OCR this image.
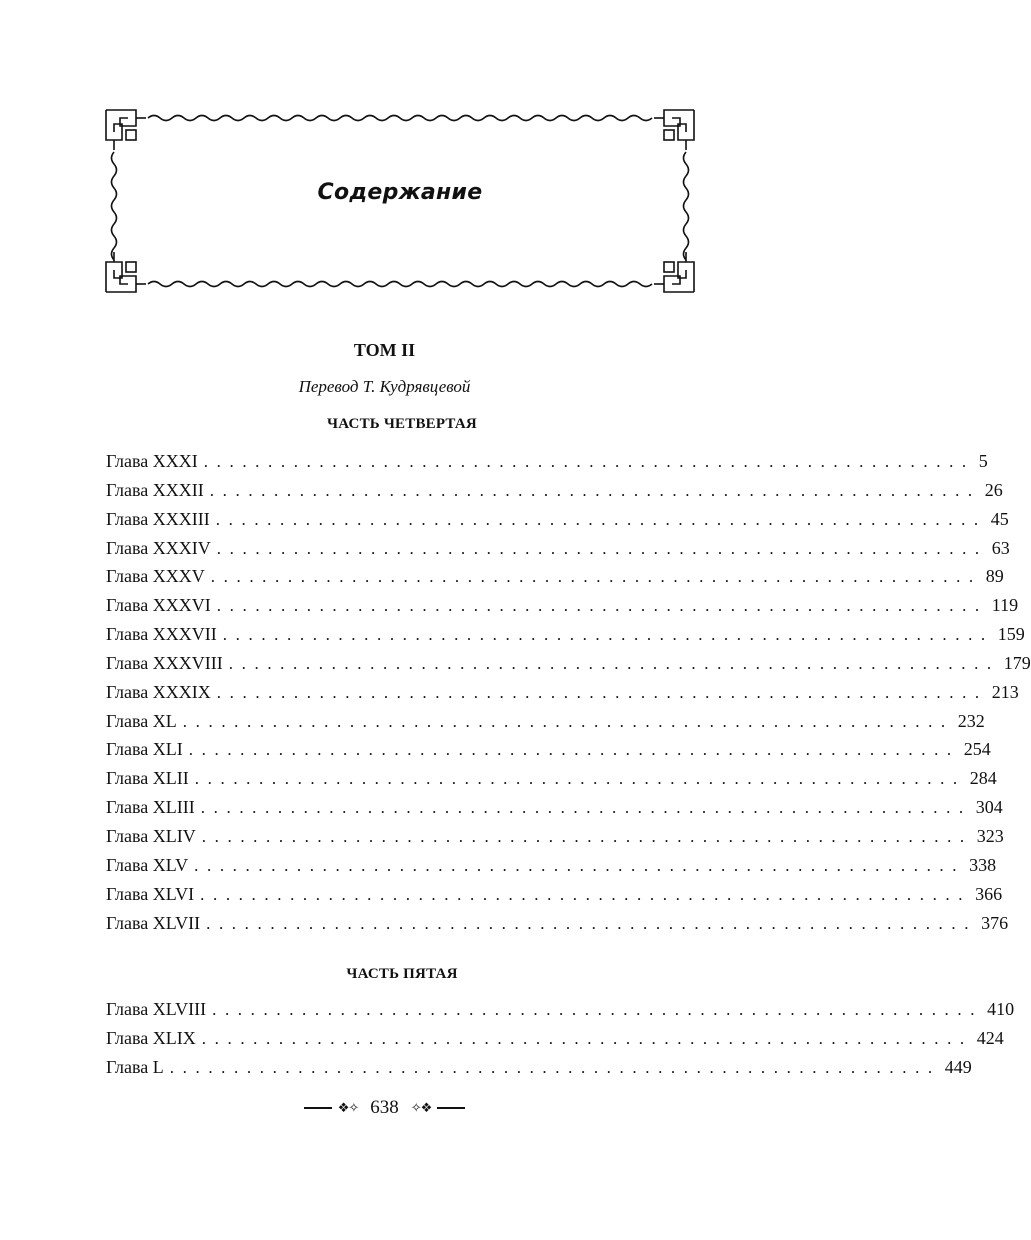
Содержание
ТОМ II
Перевод Т. Кудрявцевой
ЧАСТЬ ЧЕТВЕРТАЯ
Глава XXXI ............................................................ 5
Глава XXXII ............................................................ 26
Глава XXXIII ............................................................ 45
Глава XXXIV ............................................................ 63
Глава XXXV ............................................................ 89
Глава XXXVI ............................................................ 119
Глава XXXVII ............................................................ 159
Глава XXXVIII ............................................................ 179
Глава XXXIX ............................................................ 213
Глава XL ............................................................ 232
Глава XLI ............................................................ 254
Глава XLII ............................................................ 284
Глава XLIII ............................................................ 304
Глава XLIV ............................................................ 323
Глава XLV ............................................................ 338
Глава XLVI ............................................................ 366
Глава XLVII ............................................................ 376
ЧАСТЬ ПЯТАЯ
Глава XLVIII ............................................................ 410
Глава XLIX ............................................................ 424
Глава L ............................................................ 449
❖✧ 638 ✧❖
